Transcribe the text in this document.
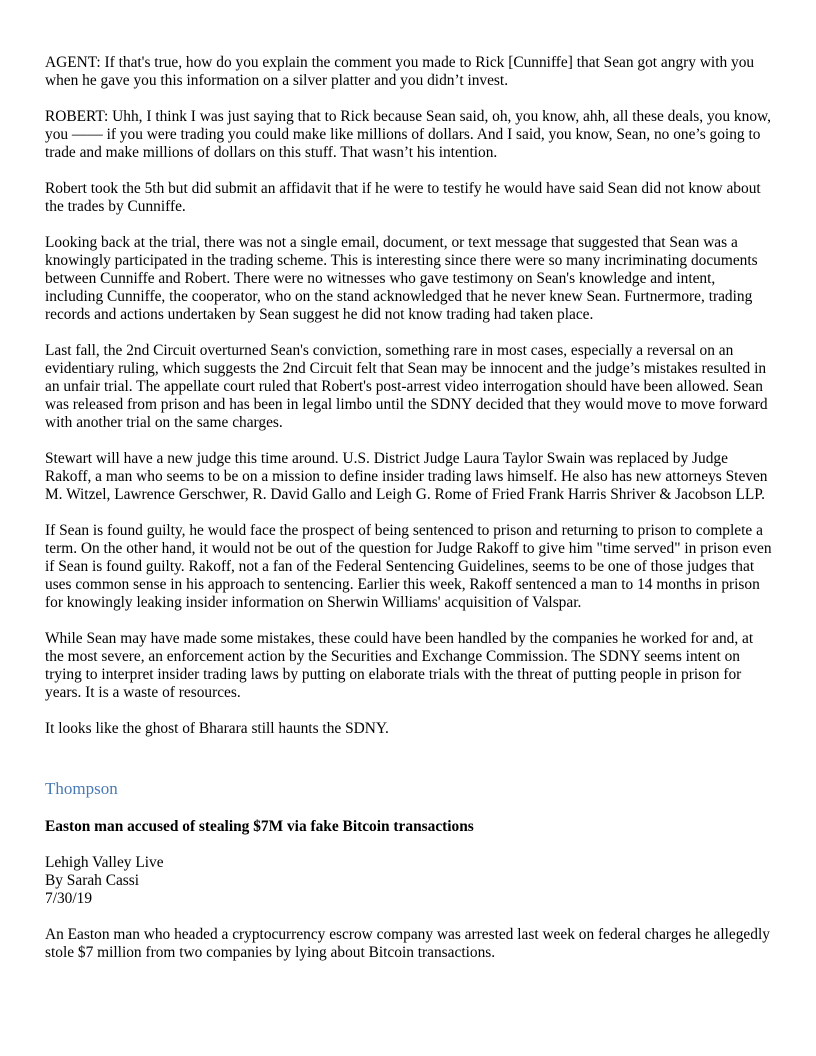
AGENT: If that's true, how do you explain the comment you made to Rick [Cunniffe] that Sean got angry with you when he gave you this information on a silver platter and you didn’t invest.

ROBERT: Uhh, I think I was just saying that to Rick because Sean said, oh, you know, ahh, all these deals, you know, you —— if you were trading you could make like millions of dollars. And I said, you know, Sean, no one’s going to trade and make millions of dollars on this stuff. That wasn’t his intention.

Robert took the 5th but did submit an affidavit that if he were to testify he would have said Sean did not know about the trades by Cunniffe.

Looking back at the trial, there was not a single email, document, or text message that suggested that Sean was a knowingly participated in the trading scheme. This is interesting since there were so many incriminating documents between Cunniffe and Robert. There were no witnesses who gave testimony on Sean's knowledge and intent, including Cunniffe, the cooperator, who on the stand acknowledged that he never knew Sean. Furtnermore, trading records and actions undertaken by Sean suggest he did not know trading had taken place.

Last fall, the 2nd Circuit overturned Sean's conviction, something rare in most cases, especially a reversal on an evidentiary ruling, which suggests the 2nd Circuit felt that Sean may be innocent and the judge’s mistakes resulted in an unfair trial. The appellate court ruled that Robert's post-arrest video interrogation should have been allowed. Sean was released from prison and has been in legal limbo until the SDNY decided that they would move to move forward with another trial on the same charges.

Stewart will have a new judge this time around. U.S. District Judge Laura Taylor Swain was replaced by Judge Rakoff, a man who seems to be on a mission to define insider trading laws himself. He also has new attorneys Steven M. Witzel, Lawrence Gerschwer, R. David Gallo and Leigh G. Rome of Fried Frank Harris Shriver & Jacobson LLP.

If Sean is found guilty, he would face the prospect of being sentenced to prison and returning to prison to complete a term. On the other hand, it would not be out of the question for Judge Rakoff to give him "time served" in prison even if Sean is found guilty. Rakoff, not a fan of the Federal Sentencing Guidelines, seems to be one of those judges that uses common sense in his approach to sentencing. Earlier this week, Rakoff sentenced a man to 14 months in prison for knowingly leaking insider information on Sherwin Williams' acquisition of Valspar.

While Sean may have made some mistakes, these could have been handled by the companies he worked for and, at the most severe, an enforcement action by the Securities and Exchange Commission. The SDNY seems intent on trying to interpret insider trading laws by putting on elaborate trials with the threat of putting people in prison for years. It is a waste of resources.

It looks like the ghost of Bharara still haunts the SDNY.

Thompson
Easton man accused of stealing $7M via fake Bitcoin transactions
Lehigh Valley Live
By Sarah Cassi
7/30/19

An Easton man who headed a cryptocurrency escrow company was arrested last week on federal charges he allegedly stole $7 million from two companies by lying about Bitcoin transactions.
